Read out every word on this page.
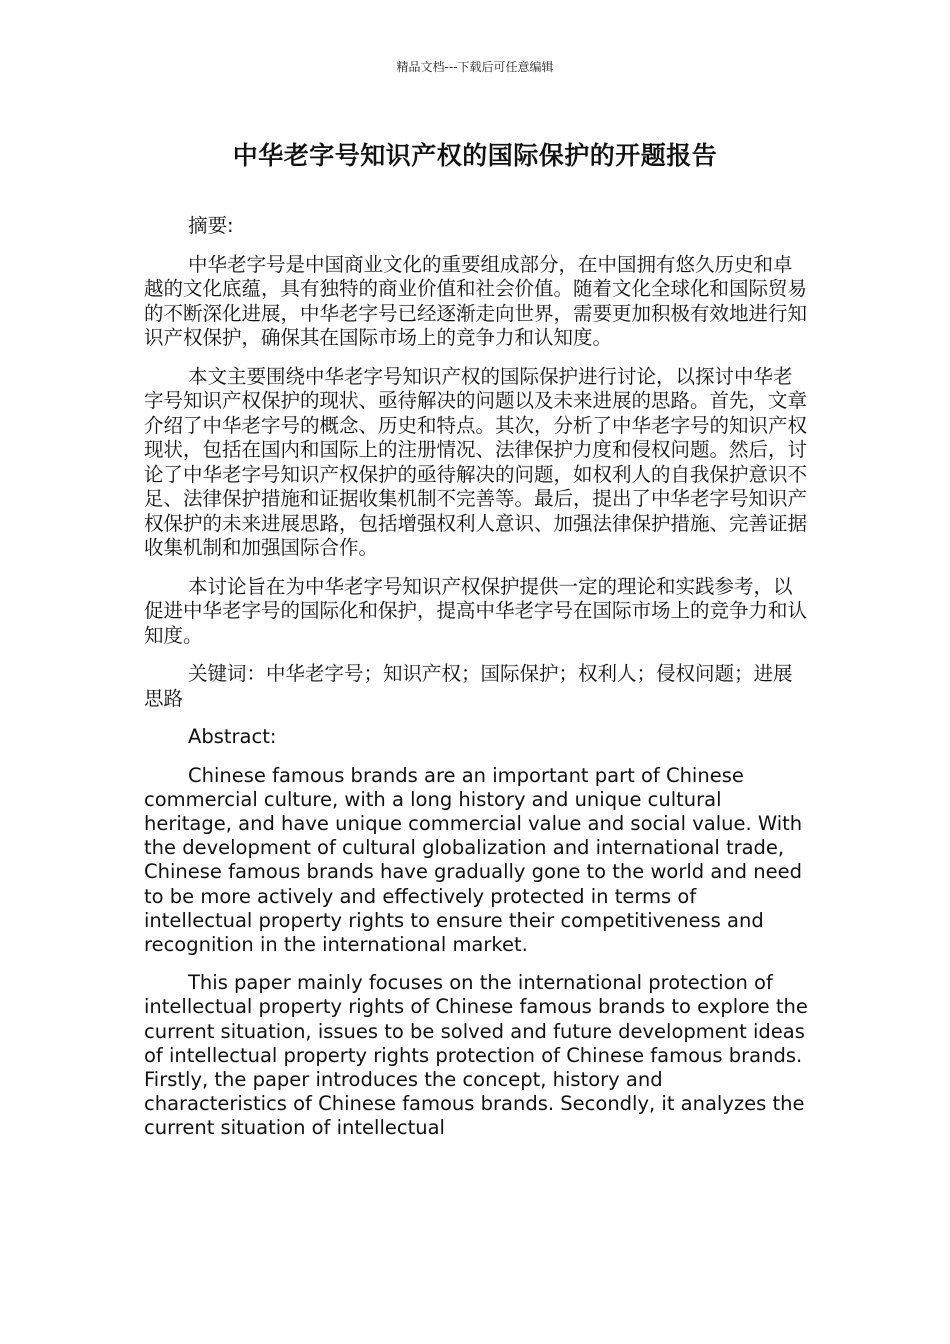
精品文档---下载后可任意编辑
中华老字号知识产权的国际保护的开题报告

摘要:

中华老字号是中国商业文化的重要组成部分，在中国拥有悠久历史和卓越的文化底蕴，具有独特的商业价值和社会价值。随着文化全球化和国际贸易的不断深化进展，中华老字号已经逐渐走向世界，需要更加积极有效地进行知识产权保护，确保其在国际市场上的竞争力和认知度。

本文主要围绕中华老字号知识产权的国际保护进行讨论，以探讨中华老字号知识产权保护的现状、亟待解决的问题以及未来进展的思路。首先，文章介绍了中华老字号的概念、历史和特点。其次，分析了中华老字号的知识产权现状，包括在国内和国际上的注册情况、法律保护力度和侵权问题。然后，讨论了中华老字号知识产权保护的亟待解决的问题，如权利人的自我保护意识不足、法律保护措施和证据收集机制不完善等。最后，提出了中华老字号知识产权保护的未来进展思路，包括增强权利人意识、加强法律保护措施、完善证据收集机制和加强国际合作。

本讨论旨在为中华老字号知识产权保护提供一定的理论和实践参考，以促进中华老字号的国际化和保护，提高中华老字号在国际市场上的竞争力和认知度。

关键词：中华老字号；知识产权；国际保护；权利人；侵权问题；进展思路

Abstract:

Chinese famous brands are an important part of Chinese commercial culture, with a long history and unique cultural heritage, and have unique commercial value and social value. With the development of cultural globalization and international trade, Chinese famous brands have gradually gone to the world and need to be more actively and effectively protected in terms of intellectual property rights to ensure their competitiveness and recognition in the international market.

This paper mainly focuses on the international protection of intellectual property rights of Chinese famous brands to explore the current situation, issues to be solved and future development ideas of intellectual property rights protection of Chinese famous brands. Firstly, the paper introduces the concept, history and characteristics of Chinese famous brands. Secondly, it analyzes the current situation of intellectual
